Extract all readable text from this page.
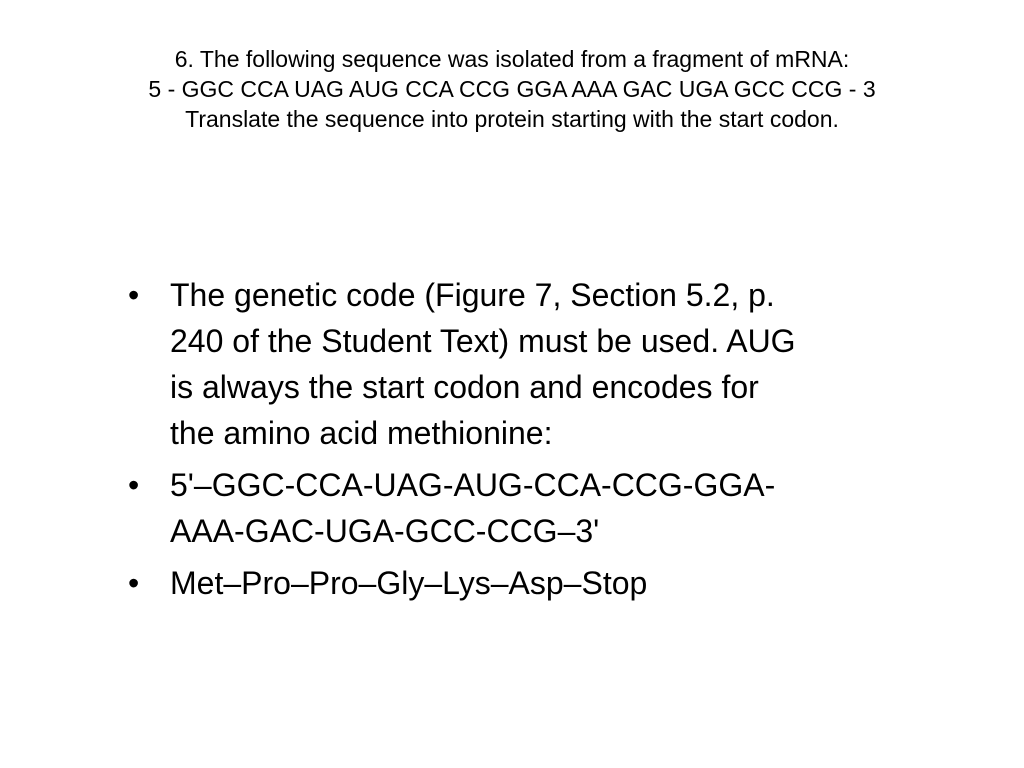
6. The following sequence was isolated from a fragment of mRNA:
5 - GGC CCA UAG AUG CCA CCG GGA AAA GAC UGA GCC CCG - 3
Translate the sequence into protein starting with the start codon.
• The genetic code (Figure 7, Section 5.2, p.
240 of the Student Text) must be used. AUG
is always the start codon and encodes for
the amino acid methionine:
• 5'–GGC-CCA-UAG-AUG-CCA-CCG-GGA-
AAA-GAC-UGA-GCC-CCG–3'
• Met–Pro–Pro–Gly–Lys–Asp–Stop
